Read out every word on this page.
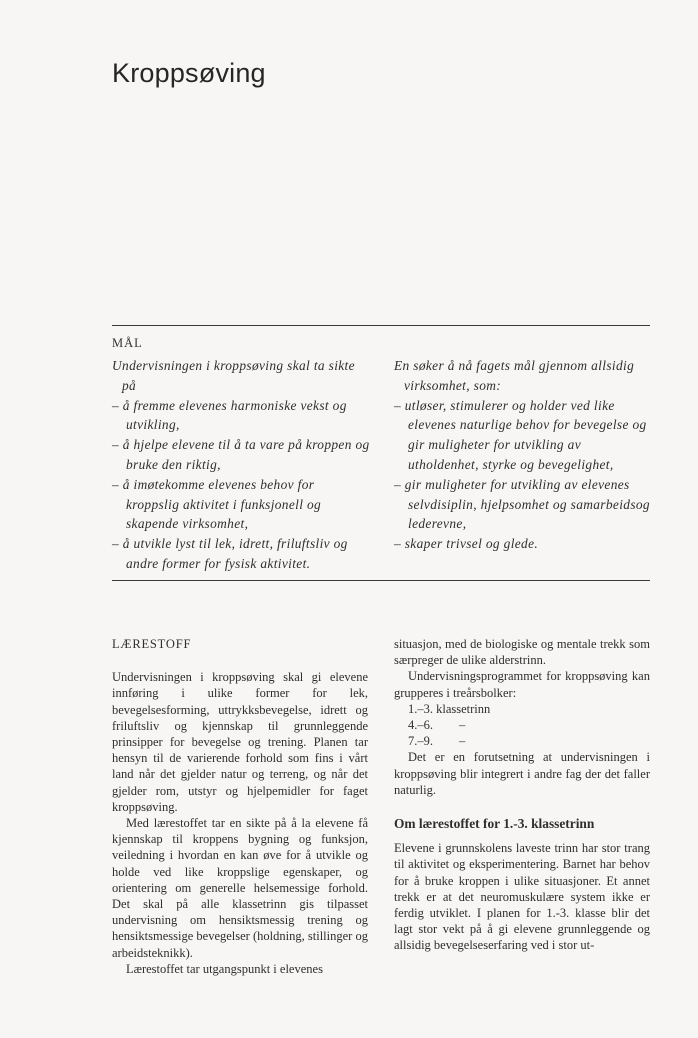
Kroppsøving
MÅL
Undervisningen i kroppsøving skal ta sikte på
– å fremme elevenes harmoniske vekst og utvikling,
– å hjelpe elevene til å ta vare på kroppen og bruke den riktig,
– å imøtekomme elevenes behov for kroppslig aktivitet i funksjonell og skapende virksomhet,
– å utvikle lyst til lek, idrett, friluftsliv og andre former for fysisk aktivitet.
En søker å nå fagets mål gjennom allsidig virksomhet, som:
– utløser, stimulerer og holder ved like elevenes naturlige behov for bevegelse og gir muligheter for utvikling av utholdenhet, styrke og bevegelighet,
– gir muligheter for utvikling av elevenes selvdisiplin, hjelpsomhet og samarbeidsog lederevne,
– skaper trivsel og glede.
LÆRESTOFF

Undervisningen i kroppsøving skal gi elevene innføring i ulike former for lek, bevegelsesforming, uttrykksbevegelse, idrett og friluftsliv og kjennskap til grunnleggende prinsipper for bevegelse og trening. Planen tar hensyn til de varierende forhold som fins i vårt land når det gjelder natur og terreng, og når det gjelder rom, utstyr og hjelpemidler for faget kroppsøving.

Med lærestoffet tar en sikte på å la elevene få kjennskap til kroppens bygning og funksjon, veiledning i hvordan en kan øve for å utvikle og holde ved like kroppslige egenskaper, og orientering om generelle helsemessige forhold. Det skal på alle klassetrinn gis tilpasset undervisning om hensiktsmessig trening og hensiktsmessige bevegelser (holdning, stillinger og arbeidsteknikk).

Lærestoffet tar utgangspunkt i elevenes

situasjon, med de biologiske og mentale trekk som særpreger de ulike alderstrinn.

Undervisningsprogrammet for kroppsøving kan grupperes i treårsbolker:

1.–3. klassetrinn
4.–6. –
7.–9. –

Det er en forutsetning at undervisningen i kroppsøving blir integrert i andre fag der det faller naturlig.

Om lærestoffet for 1.-3. klassetrinn

Elevene i grunnskolens laveste trinn har stor trang til aktivitet og eksperimentering. Barnet har behov for å bruke kroppen i ulike situasjoner. Et annet trekk er at det neuromuskulære system ikke er ferdig utviklet. I planen for 1.-3. klasse blir det lagt stor vekt på å gi elevene grunnleggende og allsidig bevegelseserfaring ved i stor ut-
